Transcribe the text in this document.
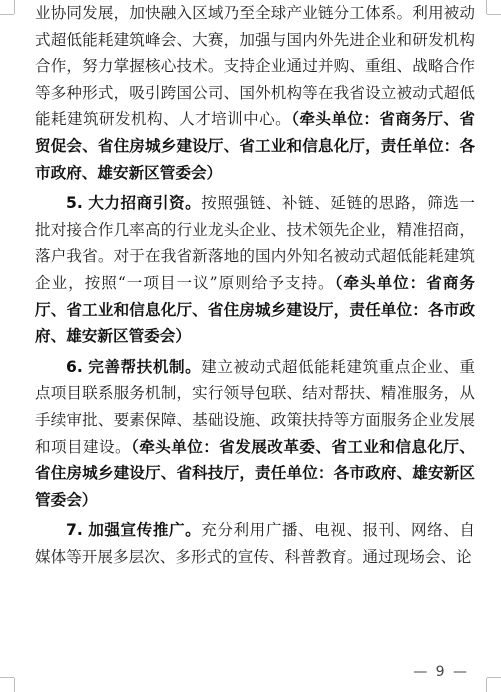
业协同发展，加快融入区域乃至全球产业链分工体系。利用被动式超低能耗建筑峰会、大赛，加强与国内外先进企业和研发机构合作，努力掌握核心技术。支持企业通过并购、重组、战略合作等多种形式，吸引跨国公司、国外机构等在我省设立被动式超低能耗建筑研发机构、人才培训中心。（牵头单位：省商务厅、省贸促会、省住房城乡建设厅、省工业和信息化厅，责任单位：各市政府、雄安新区管委会）

5. 大力招商引资。按照强链、补链、延链的思路，筛选一批对接合作几率高的行业龙头企业、技术领先企业，精准招商，落户我省。对于在我省新落地的国内外知名被动式超低能耗建筑企业，按照“一项目一议”原则给予支持。（牵头单位：省商务厅、省工业和信息化厅、省住房城乡建设厅，责任单位：各市政府、雄安新区管委会）

6. 完善帮扶机制。建立被动式超低能耗建筑重点企业、重点项目联系服务机制，实行领导包联、结对帮扶、精准服务，从手续审批、要素保障、基础设施、政策扶持等方面服务企业发展和项目建设。（牵头单位：省发展改革委、省工业和信息化厅、省住房城乡建设厅、省科技厅，责任单位：各市政府、雄安新区管委会）

7. 加强宣传推广。充分利用广播、电视、报刊、网络、自媒体等开展多层次、多形式的宣传、科普教育。通过现场会、论

— 9 —
